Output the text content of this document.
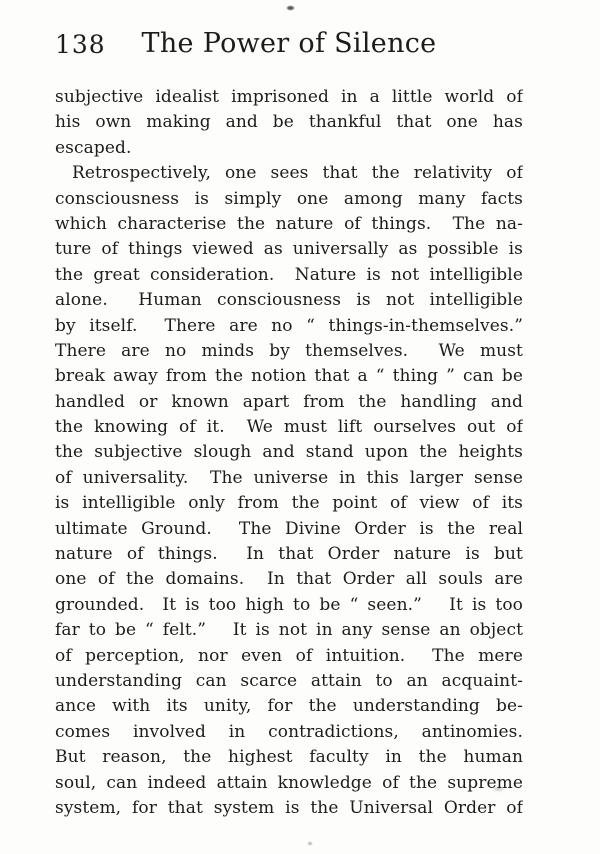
138	The Power of Silence
subjective idealist imprisoned in a little world of
his own making and be thankful that one has
escaped.
Retrospectively, one sees that the relativity of
consciousness is simply one among many facts
which characterise the nature of things.  The na-
ture of things viewed as universally as possible is
the great consideration.  Nature is not intelligible
alone.  Human consciousness is not intelligible
by itself.  There are no “ things-in-themselves.”
There are no minds by themselves.  We must
break away from the notion that a “ thing ” can be
handled or known apart from the handling and
the knowing of it.  We must lift ourselves out of
the subjective slough and stand upon the heights
of universality.  The universe in this larger sense
is intelligible only from the point of view of its
ultimate Ground.  The Divine Order is the real
nature of things.  In that Order nature is but
one of the domains.  In that Order all souls are
grounded.  It is too high to be “ seen.”   It is too
far to be “ felt.”   It is not in any sense an object
of perception, nor even of intuition.  The mere
understanding can scarce attain to an acquaint-
ance with its unity, for the understanding be-
comes involved in contradictions, antinomies.
But reason, the highest faculty in the human
soul, can indeed attain knowledge of the supreme
system, for that system is the Universal Order of
